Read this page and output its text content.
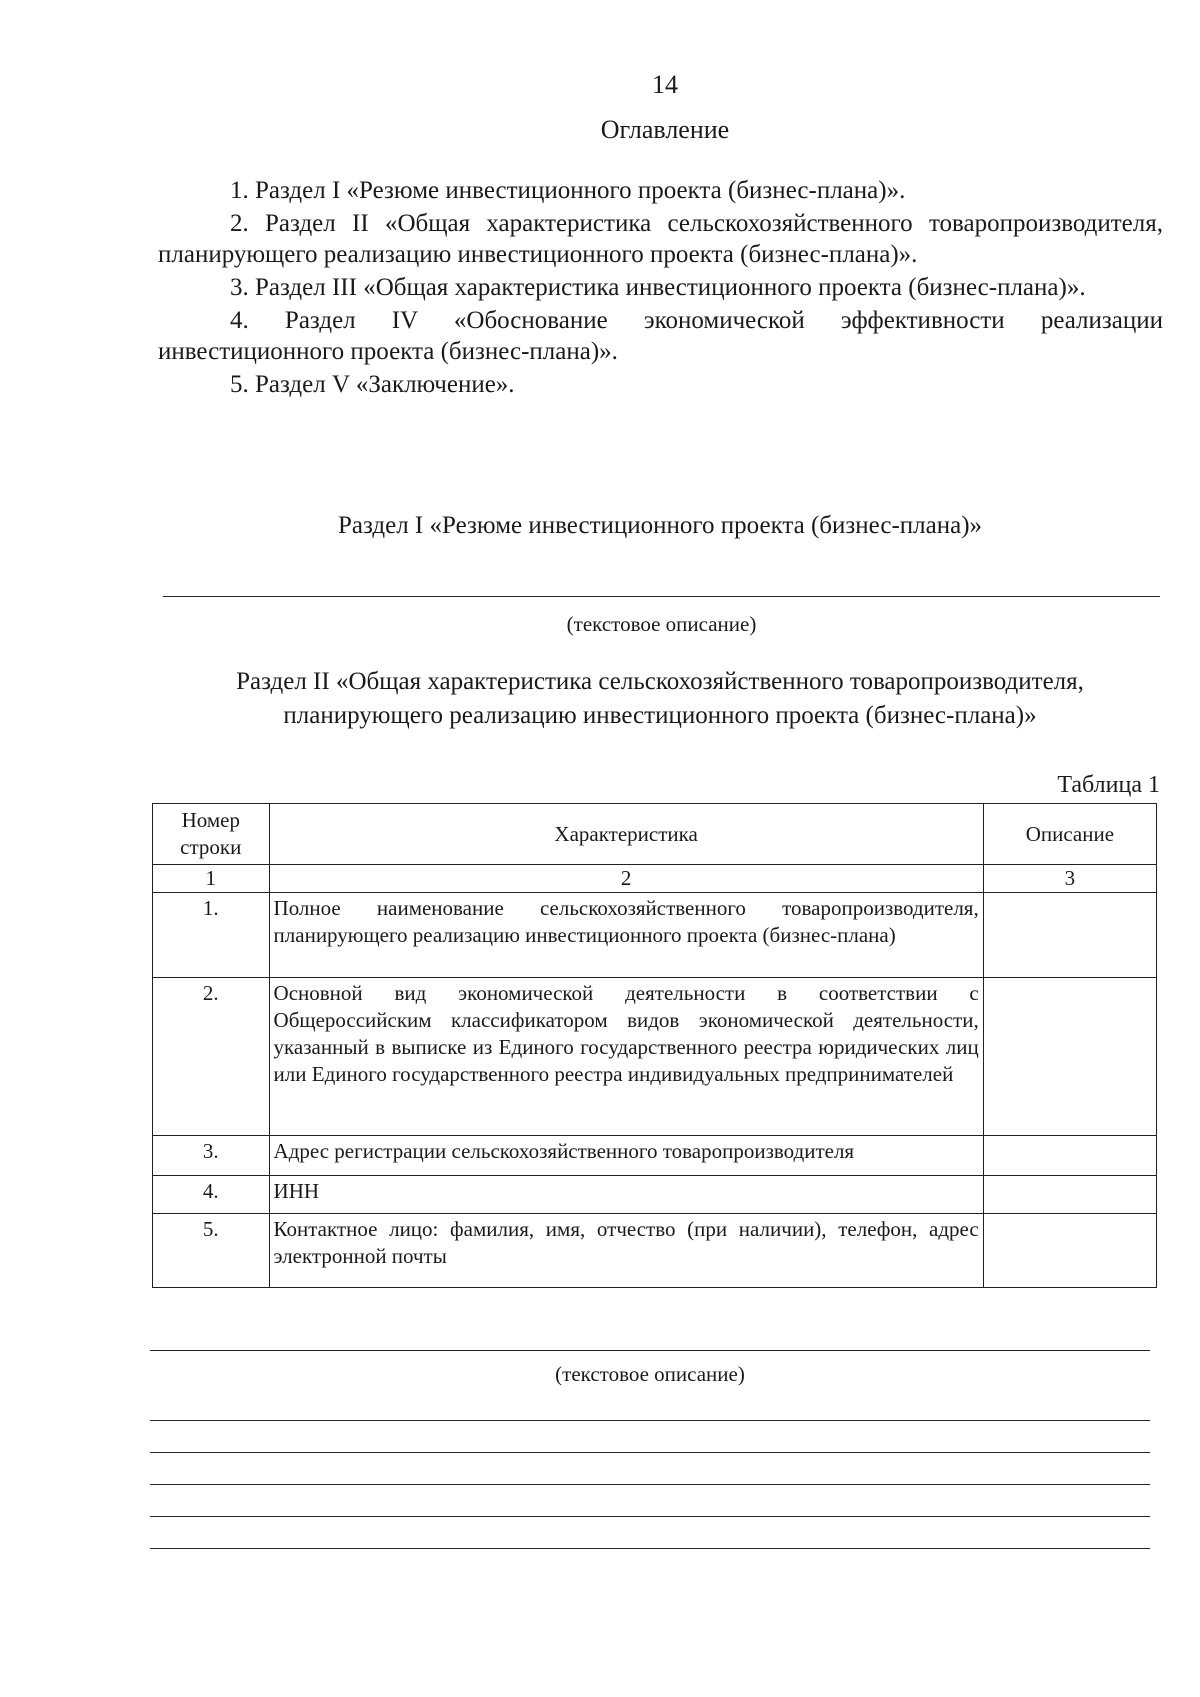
14
Оглавление

1. Раздел I «Резюме инвестиционного проекта (бизнес-плана)».

2. Раздел II «Общая характеристика сельскохозяйственного товаропроизводителя, планирующего реализацию инвестиционного проекта (бизнес-плана)».

3. Раздел III «Общая характеристика инвестиционного проекта (бизнес-плана)».

4. Раздел IV «Обоснование экономической эффективности реализации инвестиционного проекта (бизнес-плана)».

5. Раздел V «Заключение».

Раздел I «Резюме инвестиционного проекта (бизнес-плана)»
(текстовое описание)
Раздел II «Общая характеристика сельскохозяйственного товаропроизводителя,
планирующего реализацию инвестиционного проекта (бизнес-плана)»
Таблица 1
Номер строки	Характеристика	Описание
1	2	3
1.	Полное наименование сельскохозяйственного товаропроизводителя, планирующего реализацию инвестиционного проекта (бизнес-плана)	
2.	Основной вид экономической деятельности в соответствии с Общероссийским классификатором видов экономической деятельности, указанный в выписке из Единого государственного реестра юридических лиц или Единого государственного реестра индивидуальных предпринимателей	
3.	Адрес регистрации сельскохозяйственного товаропроизводителя	
4.	ИНН	
5.	Контактное лицо: фамилия, имя, отчество (при наличии), телефон, адрес электронной почты	
(текстовое описание)
